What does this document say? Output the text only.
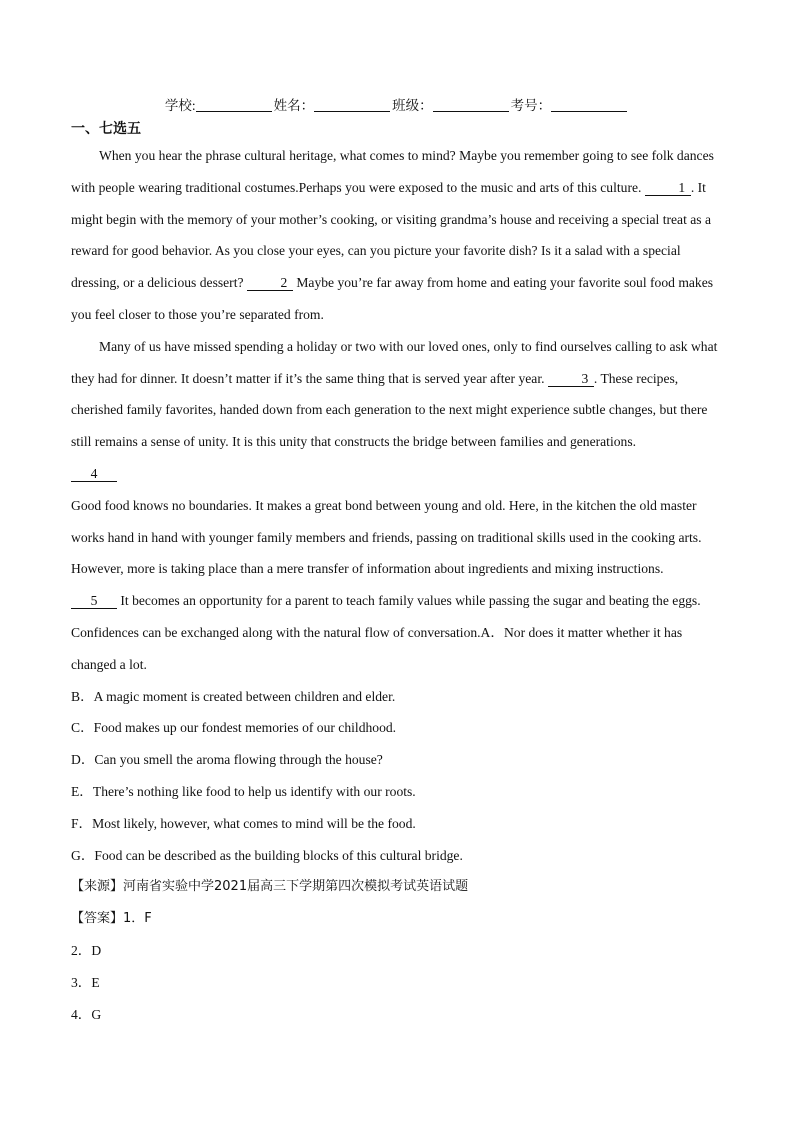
学校:	姓名：	班级：	考号：
一、七选五

When you hear the phrase cultural heritage, what comes to mind? Maybe you remember going to see folk dances with people wearing traditional costumes.Perhaps you were exposed to the music and arts of this culture. 1 . It might begin with the memory of your mother’s cooking, or visiting grandma’s house and receiving a special treat as a reward for good behavior. As you close your eyes, can you picture your favorite dish? Is it a salad with a special dressing, or a delicious dessert? 2 Maybe you’re far away from home and eating your favorite soul food makes you feel closer to those you’re separated from.

Many of us have missed spending a holiday or two with our loved ones, only to find ourselves calling to ask what they had for dinner. It doesn’t matter if it’s the same thing that is served year after year. 3 . These recipes, cherished family favorites, handed down from each generation to the next might experience subtle changes, but there still remains a sense of unity. It is this unity that constructs the bridge between families and generations.

4

Good food knows no boundaries. It makes a great bond between young and old. Here, in the kitchen the old master works hand in hand with younger family members and friends, passing on traditional skills used in the cooking arts. However, more is taking place than a mere transfer of information about ingredients and mixing instructions.

5 It becomes an opportunity for a parent to teach family values while passing the sugar and beating the eggs. Confidences can be exchanged along with the natural flow of conversation.A．Nor does it matter whether it has changed a lot.

B．A magic moment is created between children and elder.

C．Food makes up our fondest memories of our childhood.

D．Can you smell the aroma flowing through the house?

E．There’s nothing like food to help us identify with our roots.

F．Most likely, however, what comes to mind will be the food.

G．Food can be described as the building blocks of this cultural bridge.

【来源】河南省实验中学2021届高三下学期第四次模拟考试英语试题

【答案】1．F

2．D

3．E

4．G
